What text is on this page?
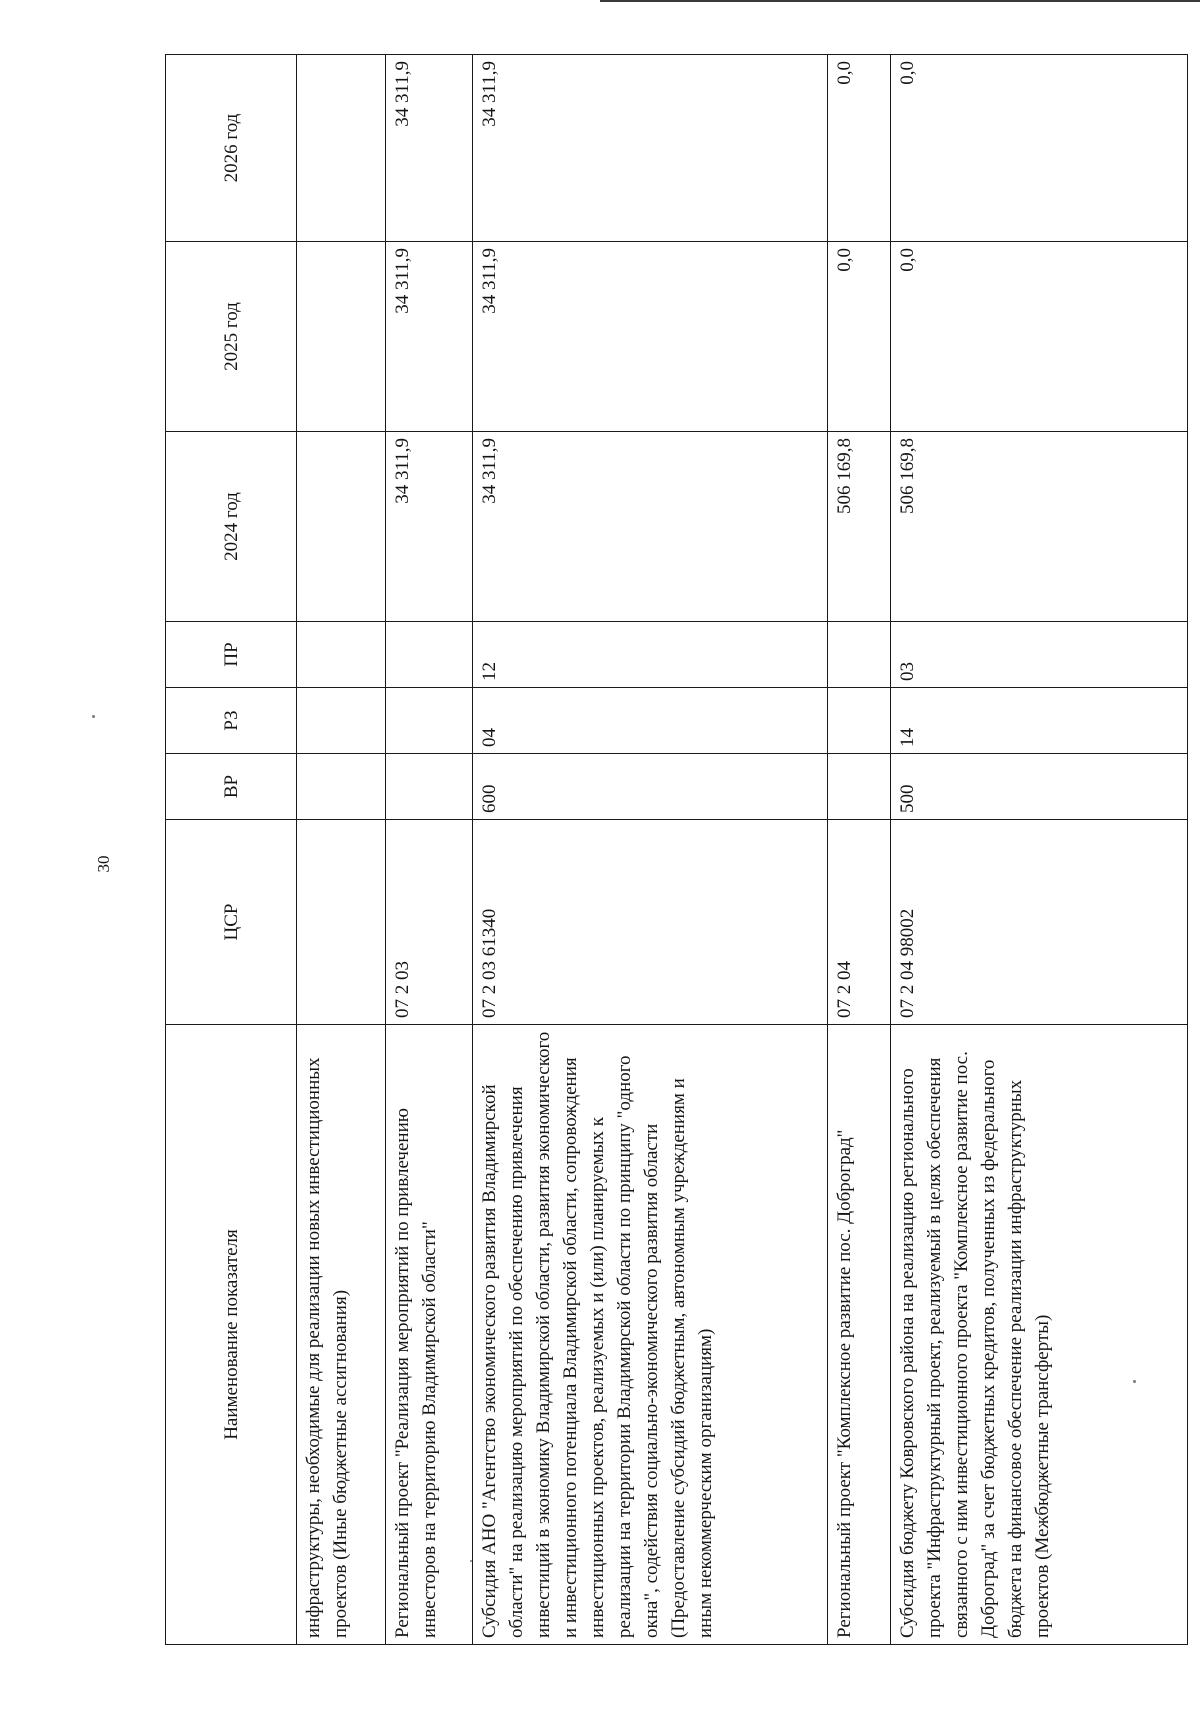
30
Наименование показателя	ЦСР	ВР	РЗ	ПР	2024 год	2025 год	2026 год
инфраструктуры, необходимые для реализации новых инвестиционных проектов (Иные бюджетные ассигнования)							
Региональный проект "Реализация мероприятий по привлечению инвесторов на территорию Владимирской области"	07 2 03				34 311,9	34 311,9	34 311,9
Субсидия АНО "Агентство экономического развития Владимирской области" на реализацию мероприятий по обеспечению привлечения инвестиций в экономику Владимирской области, развития экономического и инвестиционного потенциала Владимирской области, сопровождения инвестиционных проектов, реализуемых и (или) планируемых к реализации на территории Владимирской области по принципу "одного окна", содействия социально-экономического развития области (Предоставление субсидий бюджетным, автономным учреждениям и иным некоммерческим организациям)	07 2 03 61340	600	04	12	34 311,9	34 311,9	34 311,9
Региональный проект "Комплексное развитие пос. Доброград"	07 2 04				506 169,8	0,0	0,0
Субсидия бюджету Ковровского района на реализацию регионального проекта "Инфраструктурный проект, реализуемый в целях обеспечения связанного с ним инвестиционного проекта "Комплексное развитие пос. Доброград" за счет бюджетных кредитов, полученных из федерального бюджета на финансовое обеспечение реализации инфраструктурных проектов (Межбюджетные трансферты)	07 2 04 98002	500	14	03	506 169,8	0,0	0,0
